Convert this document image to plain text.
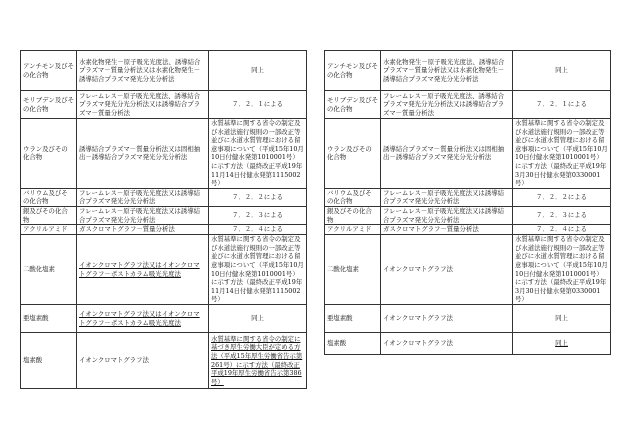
アンチモン及びその化合物	水素化物発生－原子吸光光度法、誘導結合プラズマ－質量分析法又は水素化物発生－誘導結合プラズマ発光分光分析法	同上
モリブデン及びその化合物	フレームレス－原子吸光光度法、誘導結合プラズマ発光分光分析法又は誘導結合プラズマ－質量分析法	７．２．１による
ウラン及びその化合物	誘導結合プラズマ－質量分析法又は固相抽出－誘導結合プラズマ発光分光分析法	水質基準に関する省令の制定及び水道法施行規則の一部改正等並びに水道水質管理における留意事項について（平成15年10月10日付健水発第1010001号）に示す方法（最終改正平成19年11月14日付健水発第1115002号）
バリウム及びその化合物	フレームレス－原子吸光光度法又は誘導結合プラズマ発光分光分析法	７．２．２による
銀及びその化合物	フレームレス－原子吸光光度法又は誘導結合プラズマ発光分光分析法	７．２．３による
アクリルアミド	ガスクロマトグラフ－質量分析法	７．２．４による
二酸化塩素	イオンクロマトグラフ法又はイオンクロマトグラフ－ポストカラム吸光光度法	水質基準に関する省令の制定及び水道法施行規則の一部改正等並びに水道水質管理における留意事項について（平成15年10月10日付健水発第1010001号）に示す方法（最終改正平成19年11月14日付健水発第1115002号）
亜塩素酸	イオンクロマトグラフ法又はイオンクロマトグラフ－ポストカラム吸光光度法	同上
塩素酸	イオンクロマトグラフ法	水質基準に関する省令の制定に基づき厚生労働大臣が定める方法（平成15年厚生労働省告示第261号）に示す方法（最終改正平成19年厚生労働省告示第386号）
アンチモン及びその化合物	水素化物発生－原子吸光光度法、誘導結合プラズマ－質量分析法又は水素化物発生－誘導結合プラズマ発光分光分析法	同上
モリブデン及びその化合物	フレームレス－原子吸光光度法、誘導結合プラズマ発光分光分析法又は誘導結合プラズマ－質量分析法	７．２．１による
ウラン及びその化合物	誘導結合プラズマ－質量分析法又は固相抽出－誘導結合プラズマ発光分光分析法	水質基準に関する省令の制定及び水道法施行規則の一部改正等並びに水道水質管理における留意事項について（平成15年10月10日付健水発第1010001号）に示す方法（最終改正平成19年3月30日付健水発第0330001号）
バリウム及びその化合物	フレームレス－原子吸光光度法又は誘導結合プラズマ発光分光分析法	７．２．２による
銀及びその化合物	フレームレス－原子吸光光度法又は誘導結合プラズマ発光分光分析法	７．２．３による
アクリルアミド	ガスクロマトグラフ－質量分析法	７．２．４による
二酸化塩素	イオンクロマトグラフ法	水質基準に関する省令の制定及び水道法施行規則の一部改正等並びに水道水質管理における留意事項について（平成15年10月10日付健水発第1010001号）に示す方法（最終改正平成19年3月30日付健水発第0330001号）
亜塩素酸	イオンクロマトグラフ法	同上
塩素酸	イオンクロマトグラフ法	同上
